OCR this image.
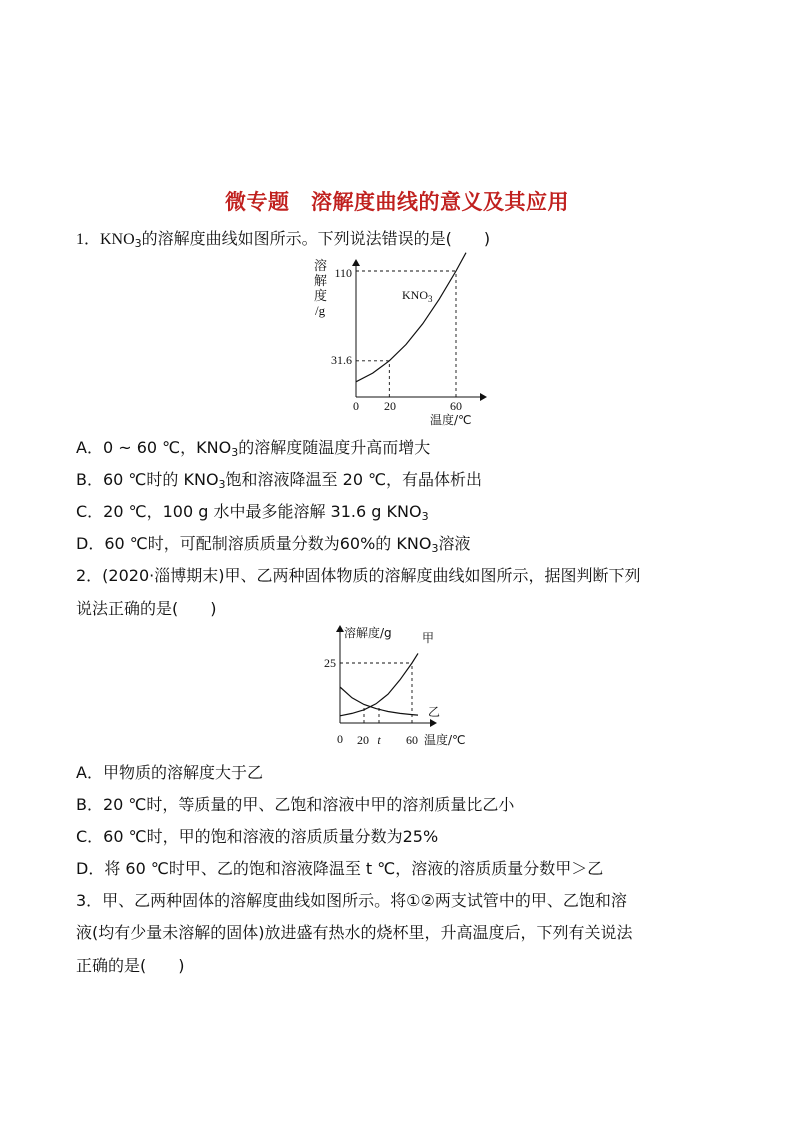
微专题　溶解度曲线的意义及其应用
1．$KNO_3$的溶解度曲线如图所示。下列说法错误的是(　　)
溶
解
度
/g
110
31.6
0 20	60
温度/℃
$KNO_3$
A．0 ~ 60 ℃，$KNO_3$的溶解度随温度升高而增大
B．60 ℃时的 $KNO_3$饱和溶液降温至 20 ℃，有晶体析出
C．20 ℃，100 g 水中最多能溶解 31.6 g $KNO_3$
D．60 ℃时，可配制溶质质量分数为60%的 $KNO_3$溶液
2．(2020·淄博期末)甲、乙两种固体物质的溶解度曲线如图所示，据图判断下列
说法正确的是(　　)
溶解度/g
25
0 20 t 60 温度/℃
甲
乙
A．甲物质的溶解度大于乙
B．20 ℃时，等质量的甲、乙饱和溶液中甲的溶剂质量比乙小
C．60 ℃时，甲的饱和溶液的溶质质量分数为25%
D．将 60 ℃时甲、乙的饱和溶液降温至 t ℃，溶液的溶质质量分数甲＞乙
3．甲、乙两种固体的溶解度曲线如图所示。将①②两支试管中的甲、乙饱和溶
液(均有少量未溶解的固体)放进盛有热水的烧杯里，升高温度后，下列有关说法
正确的是(　　)
